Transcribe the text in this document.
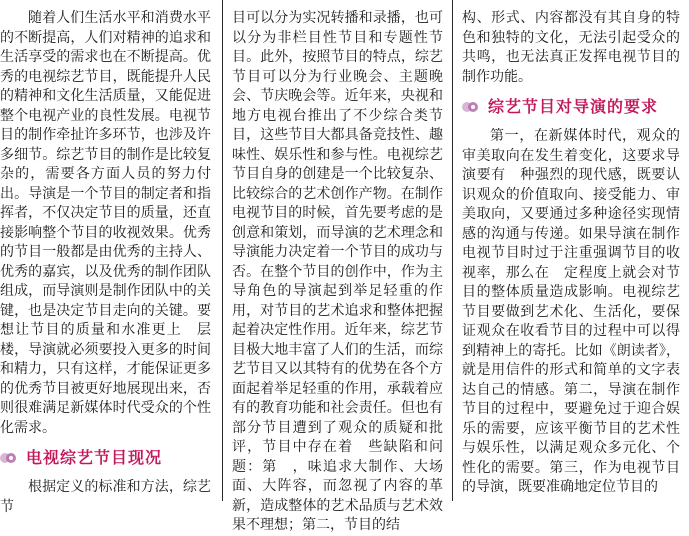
随着人们生活水平和消费水平的不断提高，人们对精神的追求和生活享受的需求也在不断提高。优秀的电视综艺节目，既能提升人民的精神和文化生活质量，又能促进整个电视产业的良性发展。电视节目的制作牵扯许多环节，也涉及许多细节。综艺节目的制作是比较复杂的，需要各方面人员的努力付出。导演是一个节目的制定者和指挥者，不仅决定节目的质量，还直接影响整个节目的收视效果。优秀的节目一般都是由优秀的主持人、优秀的嘉宾，以及优秀的制作团队组成，而导演则是制作团队中的关键，也是决定节目走向的关键。要想让节目的质量和水准更上　层楼，导演就必须要投入更多的时间和精力，只有这样，才能保证更多的优秀节目被更好地展现出来，否则很难满足新媒体时代受众的个性化需求。

电视综艺节目现况

根据定义的标准和方法，综艺节

目可以分为实况转播和录播，也可以分为非栏目性节目和专题性节目。此外，按照节目的特点，综艺节目可以分为行业晚会、主题晚会、节庆晚会等。近年来，央视和地方电视台推出了不少综合类节目，这些节目大都具备竞技性、趣味性、娱乐性和参与性。电视综艺节目自身的创建是一个比较复杂、比较综合的艺术创作产物。在制作电视节目的时候，首先要考虑的是创意和策划，而导演的艺术理念和导演能力决定着一个节目的成功与否。在整个节目的创作中，作为主导角色的导演起到举足轻重的作用，对节目的艺术追求和整体把握起着决定性作用。近年来，综艺节目极大地丰富了人们的生活，而综艺节目又以其特有的优势在各个方面起着举足轻重的作用，承载着应有的教育功能和社会责任。但也有部分节目遭到了观众的质疑和批评，节目中存在着　些缺陷和问题：第　，味追求大制作、大场面、大阵容，而忽视了内容的革新，造成整体的艺术品质与艺术效果不理想；第二，节目的结

构、形式、内容都没有其自身的特色和独特的文化，无法引起受众的共鸣，也无法真正发挥电视节目的制作功能。

综艺节目对导演的要求

第一，在新媒体时代，观众的审美取向在发生着变化，这要求导演要有　种强烈的现代感，既要认识观众的价值取向、接受能力、审美取向，又要通过多种途径实现情感的沟通与传递。如果导演在制作电视节目时过于注重强调节目的收视率，那么在　定程度上就会对节目的整体质量造成影响。电视综艺节目要做到艺术化、生活化，要保证观众在收看节目的过程中可以得到精神上的寄托。比如《朗读者》，就是用信件的形式和简单的文字表达自己的情感。第二，导演在制作节目的过程中，要避免过于迎合娱乐的需要，应该平衡节目的艺术性与娱乐性，以满足观众多元化、个性化的需要。第三，作为电视节目的导演，既要准确地定位节目的
